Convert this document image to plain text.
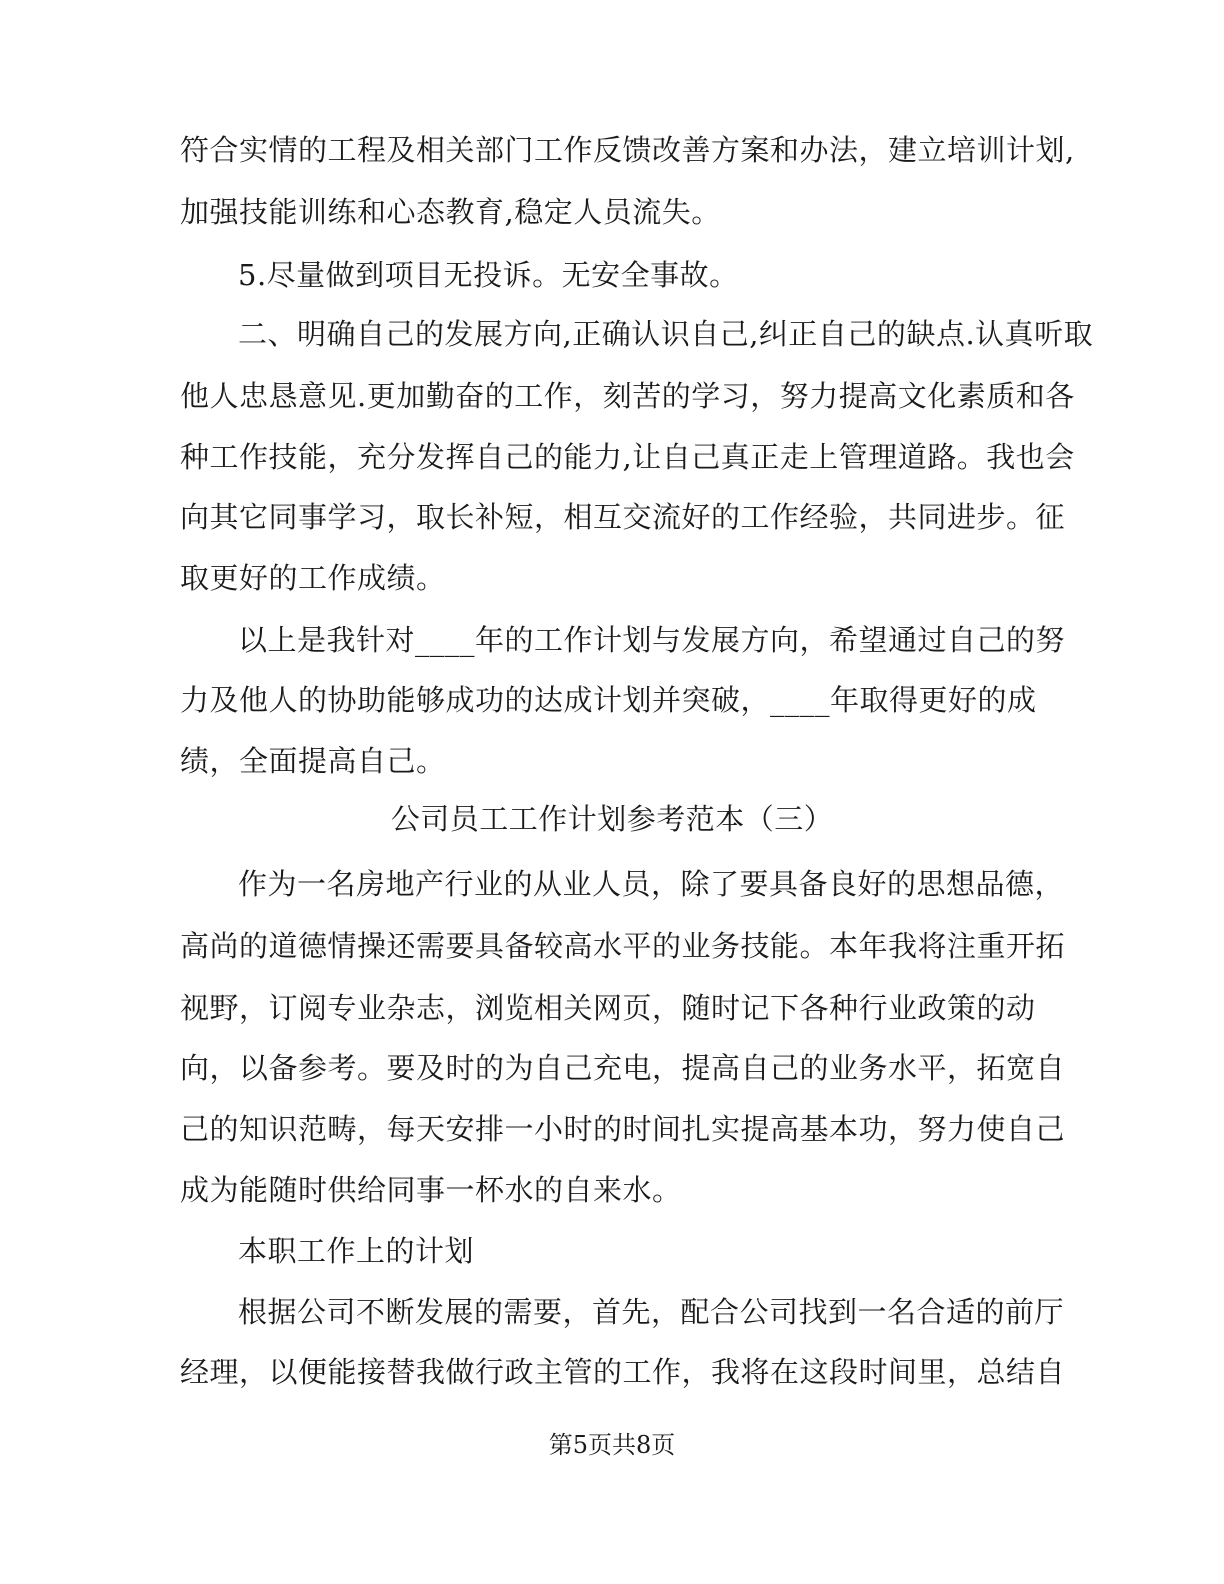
符合实情的工程及相关部门工作反馈改善方案和办法，建立培训计划,
加强技能训练和心态教育,稳定人员流失。
5.尽量做到项目无投诉。无安全事故。
二、明确自己的发展方向,正确认识自己,纠正自己的缺点.认真听取
他人忠恳意见.更加勤奋的工作，刻苦的学习，努力提高文化素质和各
种工作技能，充分发挥自己的能力,让自己真正走上管理道路。我也会
向其它同事学习，取长补短，相互交流好的工作经验，共同进步。征
取更好的工作成绩。
以上是我针对____年的工作计划与发展方向，希望通过自己的努
力及他人的协助能够成功的达成计划并突破，____年取得更好的成
绩，全面提高自己。
公司员工工作计划参考范本（三）
作为一名房地产行业的从业人员，除了要具备良好的思想品德，
高尚的道德情操还需要具备较高水平的业务技能。本年我将注重开拓
视野，订阅专业杂志，浏览相关网页，随时记下各种行业政策的动
向，以备参考。要及时的为自己充电，提高自己的业务水平，拓宽自
己的知识范畴，每天安排一小时的时间扎实提高基本功，努力使自己
成为能随时供给同事一杯水的自来水。
本职工作上的计划
根据公司不断发展的需要，首先，配合公司找到一名合适的前厅
经理，以便能接替我做行政主管的工作，我将在这段时间里，总结自
第5页共8页
